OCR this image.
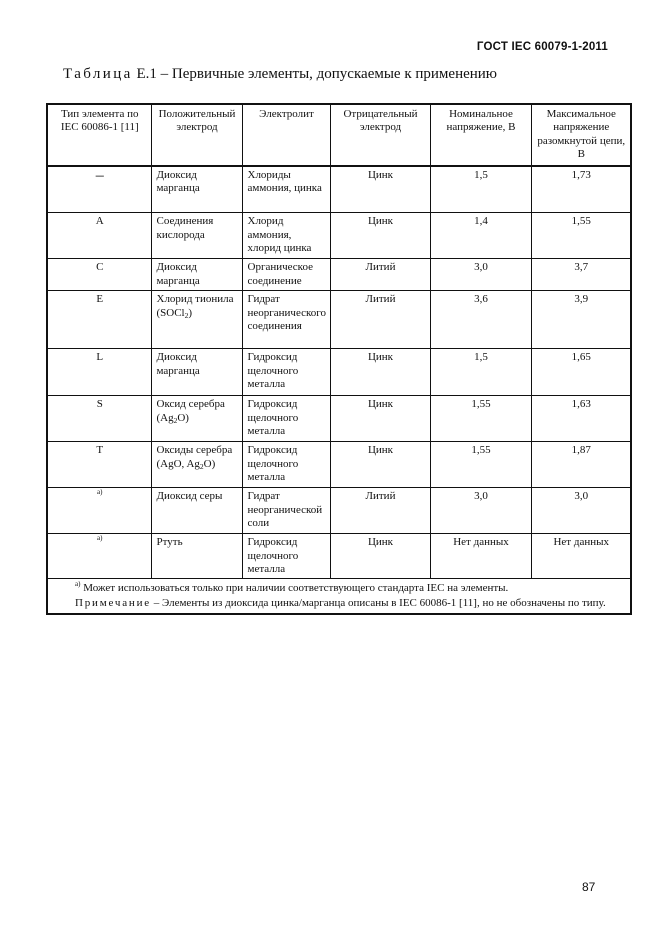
ГОСТ IEC 60079-1-2011
Таблица Е.1 – Первичные элементы, допускаемые к применению
Тип элемента по IEC 60086-1 [11]	Положительный электрод	Электролит	Отрицательный электрод	Номинальное напряжение, В	Максимальное напряжение разомкнутой цепи, В
–	Диоксид марганца	Хлориды аммония, цинка	Цинк	1,5	1,73
A	Соединения кислорода	Хлорид аммония, хлорид цинка	Цинк	1,4	1,55
C	Диоксид марганца	Органическое соединение	Литий	3,0	3,7
E	Хлорид тионила (SOCl$_2$)	Гидрат неорганического соединения	Литий	3,6	3,9
L	Диоксид марганца	Гидроксид щелочного металла	Цинк	1,5	1,65
S	Оксид серебра $(Ag_2O)$	Гидроксид щелочного металла	Цинк	1,55	1,63
T	Оксиды серебра (AgO, $Ag_2O$)	Гидроксид щелочного металла	Цинк	1,55	1,87
$^{a)}$	Диоксид серы	Гидрат неорганической соли	Литий	3,0	3,0
$^{a)}$	Ртуть	Гидроксид щелочного металла	Цинк	Нет данных	Нет данных

$^{a)}$ Может использоваться только при наличии соответствующего стандарта IEC на элементы.
Примечание – Элементы из диоксида цинка/марганца описаны в IEC 60086-1 [11], но не обозначены по типу.					
87
